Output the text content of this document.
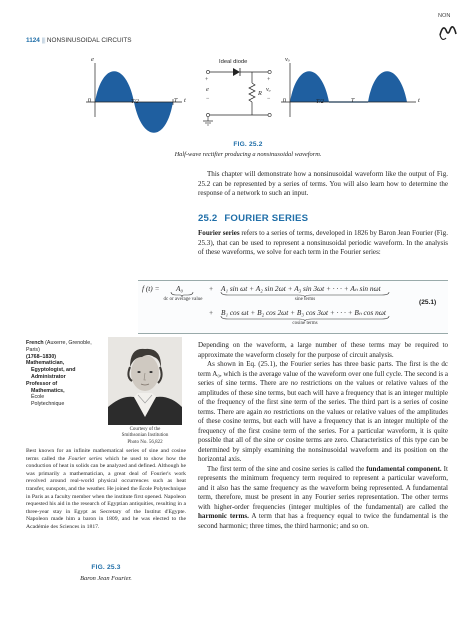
1124 ||| NONSINUSOIDAL CIRCUITS
NON
e
t
0	T/2	T
Ideal diode
+
e
−
R
+
vₒ
−
vₒ
t
0	T/2	T
FIG. 25.2
Half-wave rectifier producing a nonsinusoidal waveform.

This chapter will demonstrate how a nonsinusoidal waveform like the output of Fig. 25.2 can be represented by a series of terms. You will also learn how to determine the response of a network to such an input.

25.2 FOURIER SERIES

Fourier series refers to a series of terms, developed in 1826 by Baron Jean Fourier (Fig. 25.3), that can be used to represent a nonsinusoidal periodic waveform. In the analysis of these waveforms, we solve for each term in the Fourier series:

f (t) = A₀
dc or average value
+ A₁ sin ωt + A₂ sin 2ωt + A₃ sin 3ωt + · · · + Aₙ sin nωt
sine terms
+ B₁ cos ωt + B₂ cos 2ωt + B₃ cos 3ωt + · · · + Bₙ cos nωt
cosine terms
(25.1)
French (Auxerre, Grenoble, Paris)
(1768–1830)
Mathematician,
Egyptologist, and
Administrator
Professor of
Mathematics,
École
Polytechnique
Courtesy of the
Smithsonian Institution
Photo No. 56,822
Best known for an infinite mathematical series of sine and cosine terms called the Fourier series which he used to show how the conduction of heat in solids can be analyzed and defined. Although he was primarily a mathematician, a great deal of Fourier's work revolved around real-world physical occurrences such as heat transfer, sunspots, and the weather. He joined the École Polytechnique in Paris as a faculty member when the institute first opened. Napoleon requested his aid in the research of Egyptian antiquities, resulting in a three-year stay in Egypt as Secretary of the Institut d'Egypte. Napoleon made him a baron in 1809, and he was elected to the Académie des Sciences in 1817.
FIG. 25.3
Baron Jean Fourier.

Depending on the waveform, a large number of these terms may be required to approximate the waveform closely for the purpose of circuit analysis.

As shown in Eq. (25.1), the Fourier series has three basic parts. The first is the dc term A₀, which is the average value of the waveform over one full cycle. The second is a series of sine terms. There are no restrictions on the values or relative values of the amplitudes of these sine terms, but each will have a frequency that is an integer multiple of the frequency of the first sine term of the series. The third part is a series of cosine terms. There are again no restrictions on the values or relative values of the amplitudes of these cosine terms, but each will have a frequency that is an integer multiple of the frequency of the first cosine term of the series. For a particular waveform, it is quite possible that all of the sine or cosine terms are zero. Characteristics of this type can be determined by simply examining the nonsinusoidal waveform and its position on the horizontal axis.

The first term of the sine and cosine series is called the fundamental component. It represents the minimum frequency term required to represent a particular waveform, and it also has the same frequency as the waveform being represented. A fundamental term, therefore, must be present in any Fourier series representation. The other terms with higher-order frequencies (integer multiples of the fundamental) are called the harmonic terms. A term that has a frequency equal to twice the fundamental is the second harmonic; three times, the third harmonic; and so on.
